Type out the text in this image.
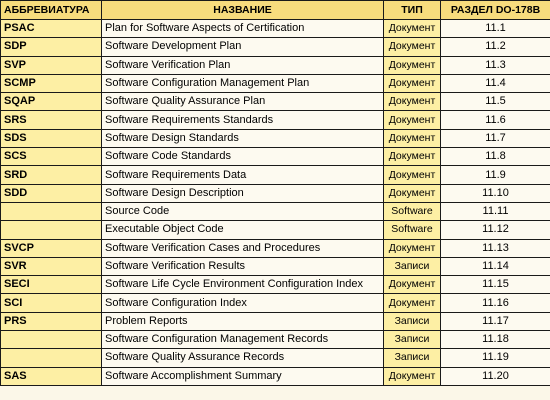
АББРЕВИАТУРА	НАЗВАНИЕ	ТИП	РАЗДЕЛ DO-178B
PSAC	Plan for Software Aspects of Certification	Документ	11.1
SDP	Software Development Plan	Документ	11.2
SVP	Software Verification Plan	Документ	11.3
SCMP	Software Configuration Management Plan	Документ	11.4
SQAP	Software Quality Assurance Plan	Документ	11.5
SRS	Software Requirements Standards	Документ	11.6
SDS	Software Design Standards	Документ	11.7
SCS	Software Code Standards	Документ	11.8
SRD	Software Requirements Data	Документ	11.9
SDD	Software Design Description	Документ	11.10
	Source Code	Software	11.11
	Executable Object Code	Software	11.12
SVCP	Software Verification Cases and Procedures	Документ	11.13
SVR	Software Verification Results	Записи	11.14
SECI	Software Life Cycle Environment Configuration Index	Документ	11.15
SCI	Software Configuration Index	Документ	11.16
PRS	Problem Reports	Записи	11.17
	Software Configuration Management Records	Записи	11.18
	Software Quality Assurance Records	Записи	11.19
SAS	Software Accomplishment Summary	Документ	11.20
